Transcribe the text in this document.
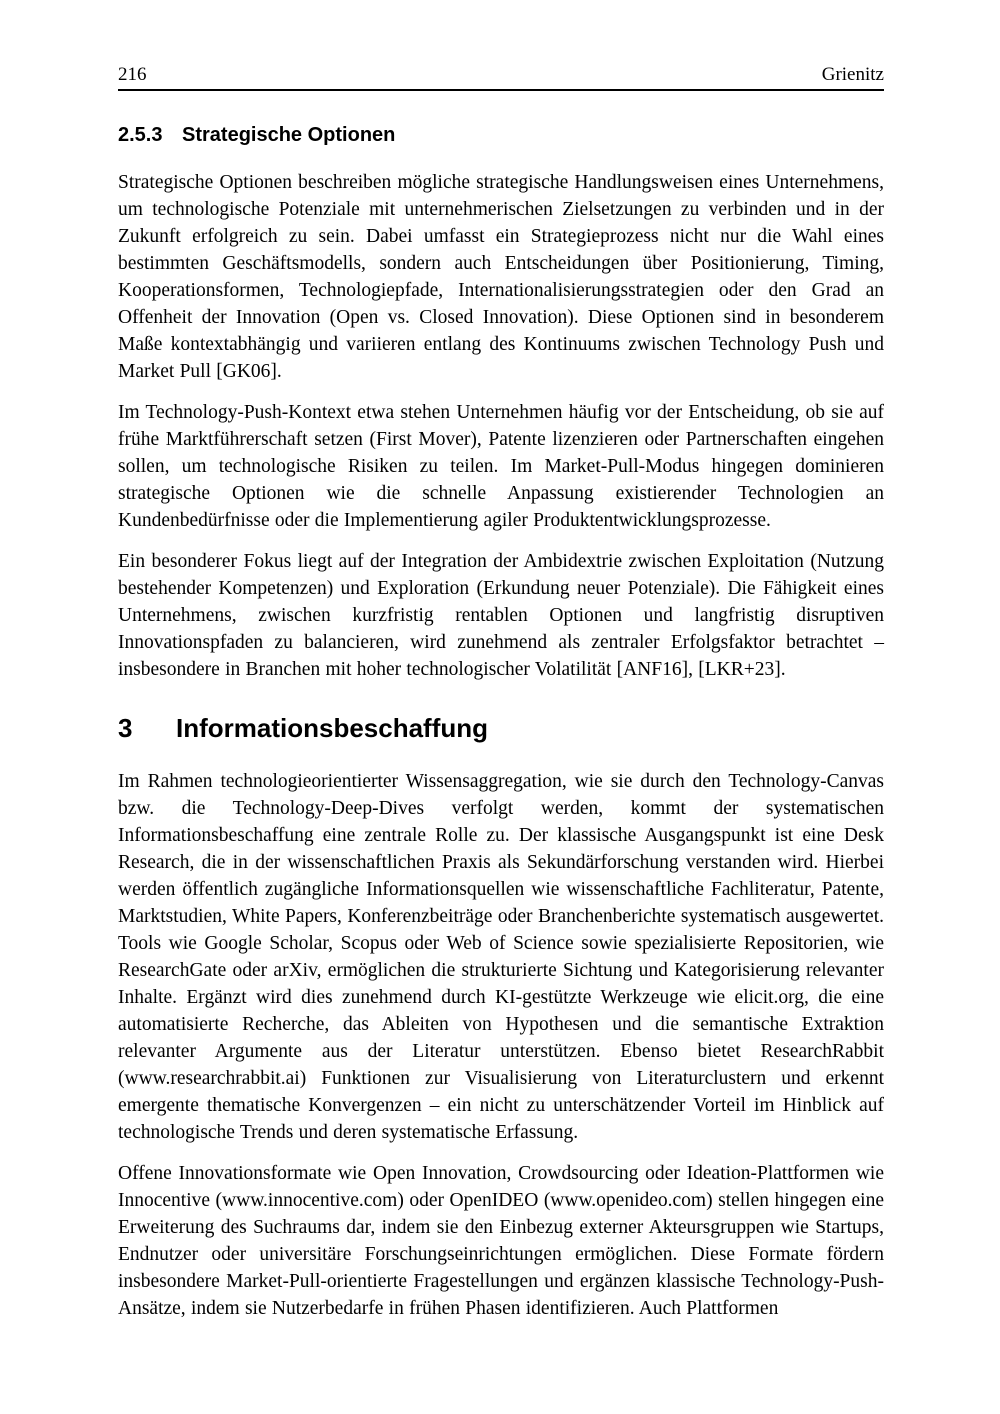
216	Grienitz
2.5.3 Strategische Optionen

Strategische Optionen beschreiben mögliche strategische Handlungsweisen eines Unternehmens, um technologische Potenziale mit unternehmerischen Zielsetzungen zu verbinden und in der Zukunft erfolgreich zu sein. Dabei umfasst ein Strategieprozess nicht nur die Wahl eines bestimmten Geschäftsmodells, sondern auch Entscheidungen über Positionierung, Timing, Kooperationsformen, Technologiepfade, Internationalisierungsstrategien oder den Grad an Offenheit der Innovation (Open vs. Closed Innovation). Diese Optionen sind in besonderem Maße kontextabhängig und variieren entlang des Kontinuums zwischen Technology Push und Market Pull [GK06].

Im Technology-Push-Kontext etwa stehen Unternehmen häufig vor der Entscheidung, ob sie auf frühe Marktführerschaft setzen (First Mover), Patente lizenzieren oder Partnerschaften eingehen sollen, um technologische Risiken zu teilen. Im Market-Pull-Modus hingegen dominieren strategische Optionen wie die schnelle Anpassung existierender Technologien an Kundenbedürfnisse oder die Implementierung agiler Produktentwicklungsprozesse.

Ein besonderer Fokus liegt auf der Integration der Ambidextrie zwischen Exploitation (Nutzung bestehender Kompetenzen) und Exploration (Erkundung neuer Potenziale). Die Fähigkeit eines Unternehmens, zwischen kurzfristig rentablen Optionen und langfristig disruptiven Innovationspfaden zu balancieren, wird zunehmend als zentraler Erfolgsfaktor betrachtet – insbesondere in Branchen mit hoher technologischer Volatilität [ANF16], [LKR+23].

3 Informationsbeschaffung

Im Rahmen technologieorientierter Wissensaggregation, wie sie durch den Technology-Canvas bzw. die Technology-Deep-Dives verfolgt werden, kommt der systematischen Informationsbeschaffung eine zentrale Rolle zu. Der klassische Ausgangspunkt ist eine Desk Research, die in der wissenschaftlichen Praxis als Sekundärforschung verstanden wird. Hierbei werden öffentlich zugängliche Informationsquellen wie wissenschaftliche Fachliteratur, Patente, Marktstudien, White Papers, Konferenzbeiträge oder Branchenberichte systematisch ausgewertet. Tools wie Google Scholar, Scopus oder Web of Science sowie spezialisierte Repositorien, wie ResearchGate oder arXiv, ermöglichen die strukturierte Sichtung und Kategorisierung relevanter Inhalte. Ergänzt wird dies zunehmend durch KI-gestützte Werkzeuge wie elicit.org, die eine automatisierte Recherche, das Ableiten von Hypothesen und die semantische Extraktion relevanter Argumente aus der Literatur unterstützen. Ebenso bietet ResearchRabbit (www.researchrabbit.ai) Funktionen zur Visualisierung von Literaturclustern und erkennt emergente thematische Konvergenzen – ein nicht zu unterschätzender Vorteil im Hinblick auf technologische Trends und deren systematische Erfassung.

Offene Innovationsformate wie Open Innovation, Crowdsourcing oder Ideation-Plattformen wie Innocentive (www.innocentive.com) oder OpenIDEO (www.openideo.com) stellen hingegen eine Erweiterung des Suchraums dar, indem sie den Einbezug externer Akteursgruppen wie Startups, Endnutzer oder universitäre Forschungseinrichtungen ermöglichen. Diese Formate fördern insbesondere Market-Pull-orientierte Fragestellungen und ergänzen klassische Technology-Push-Ansätze, indem sie Nutzerbedarfe in frühen Phasen identifizieren. Auch Plattformen
